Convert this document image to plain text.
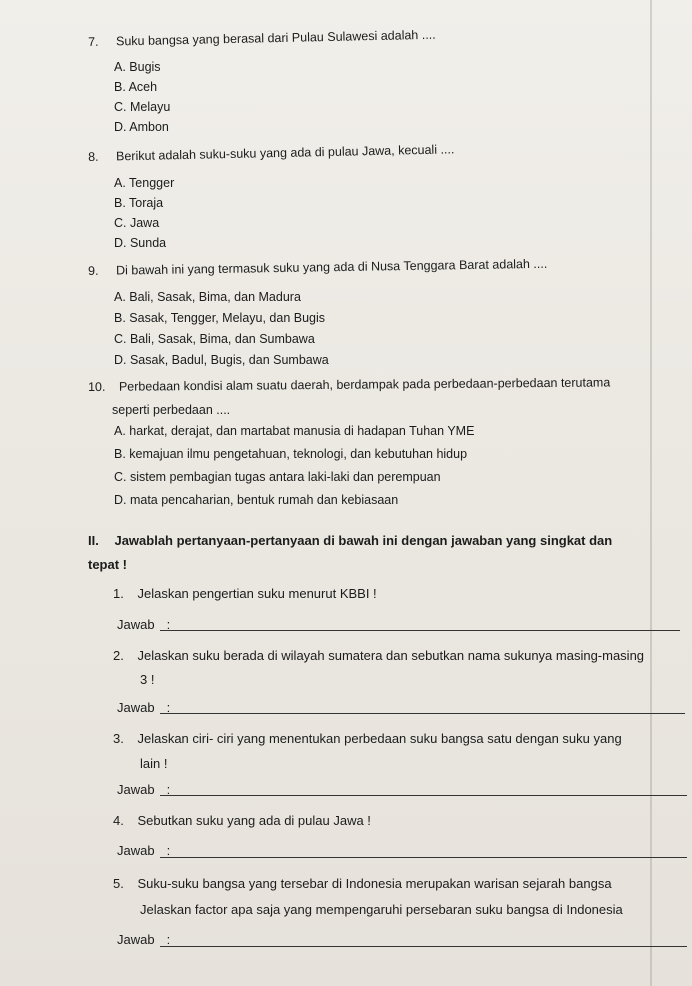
7. Suku bangsa yang berasal dari Pulau Sulawesi adalah ....
A. Bugis
B. Aceh
C. Melayu
D. Ambon
8. Berikut adalah suku-suku yang ada di pulau Jawa, kecuali ....
A. Tengger
B. Toraja
C. Jawa
D. Sunda
9. Di bawah ini yang termasuk suku yang ada di Nusa Tenggara Barat adalah ....
A. Bali, Sasak, Bima, dan Madura
B. Sasak, Tengger, Melayu, dan Bugis
C. Bali, Sasak, Bima, dan Sumbawa
D. Sasak, Badul, Bugis, dan Sumbawa
10. Perbedaan kondisi alam suatu daerah, berdampak pada perbedaan-perbedaan terutama
seperti perbedaan ....
A. harkat, derajat, dan martabat manusia di hadapan Tuhan YME
B. kemajuan ilmu pengetahuan, teknologi, dan kebutuhan hidup
C. sistem pembagian tugas antara laki-laki dan perempuan
D. mata pencaharian, bentuk rumah dan kebiasaan
II. Jawablah pertanyaan-pertanyaan di bawah ini dengan jawaban yang singkat dan
tepat !
1. Jelaskan pengertian suku menurut KBBI !
Jawab :
2. Jelaskan suku berada di wilayah sumatera dan sebutkan nama sukunya masing-masing
3 !
Jawab :
3. Jelaskan ciri- ciri yang menentukan perbedaan suku bangsa satu dengan suku yang
lain !
Jawab :
4. Sebutkan suku yang ada di pulau Jawa !
Jawab :
5. Suku-suku bangsa yang tersebar di Indonesia merupakan warisan sejarah bangsa
Jelaskan factor apa saja yang mempengaruhi persebaran suku bangsa di Indonesia
Jawab :
